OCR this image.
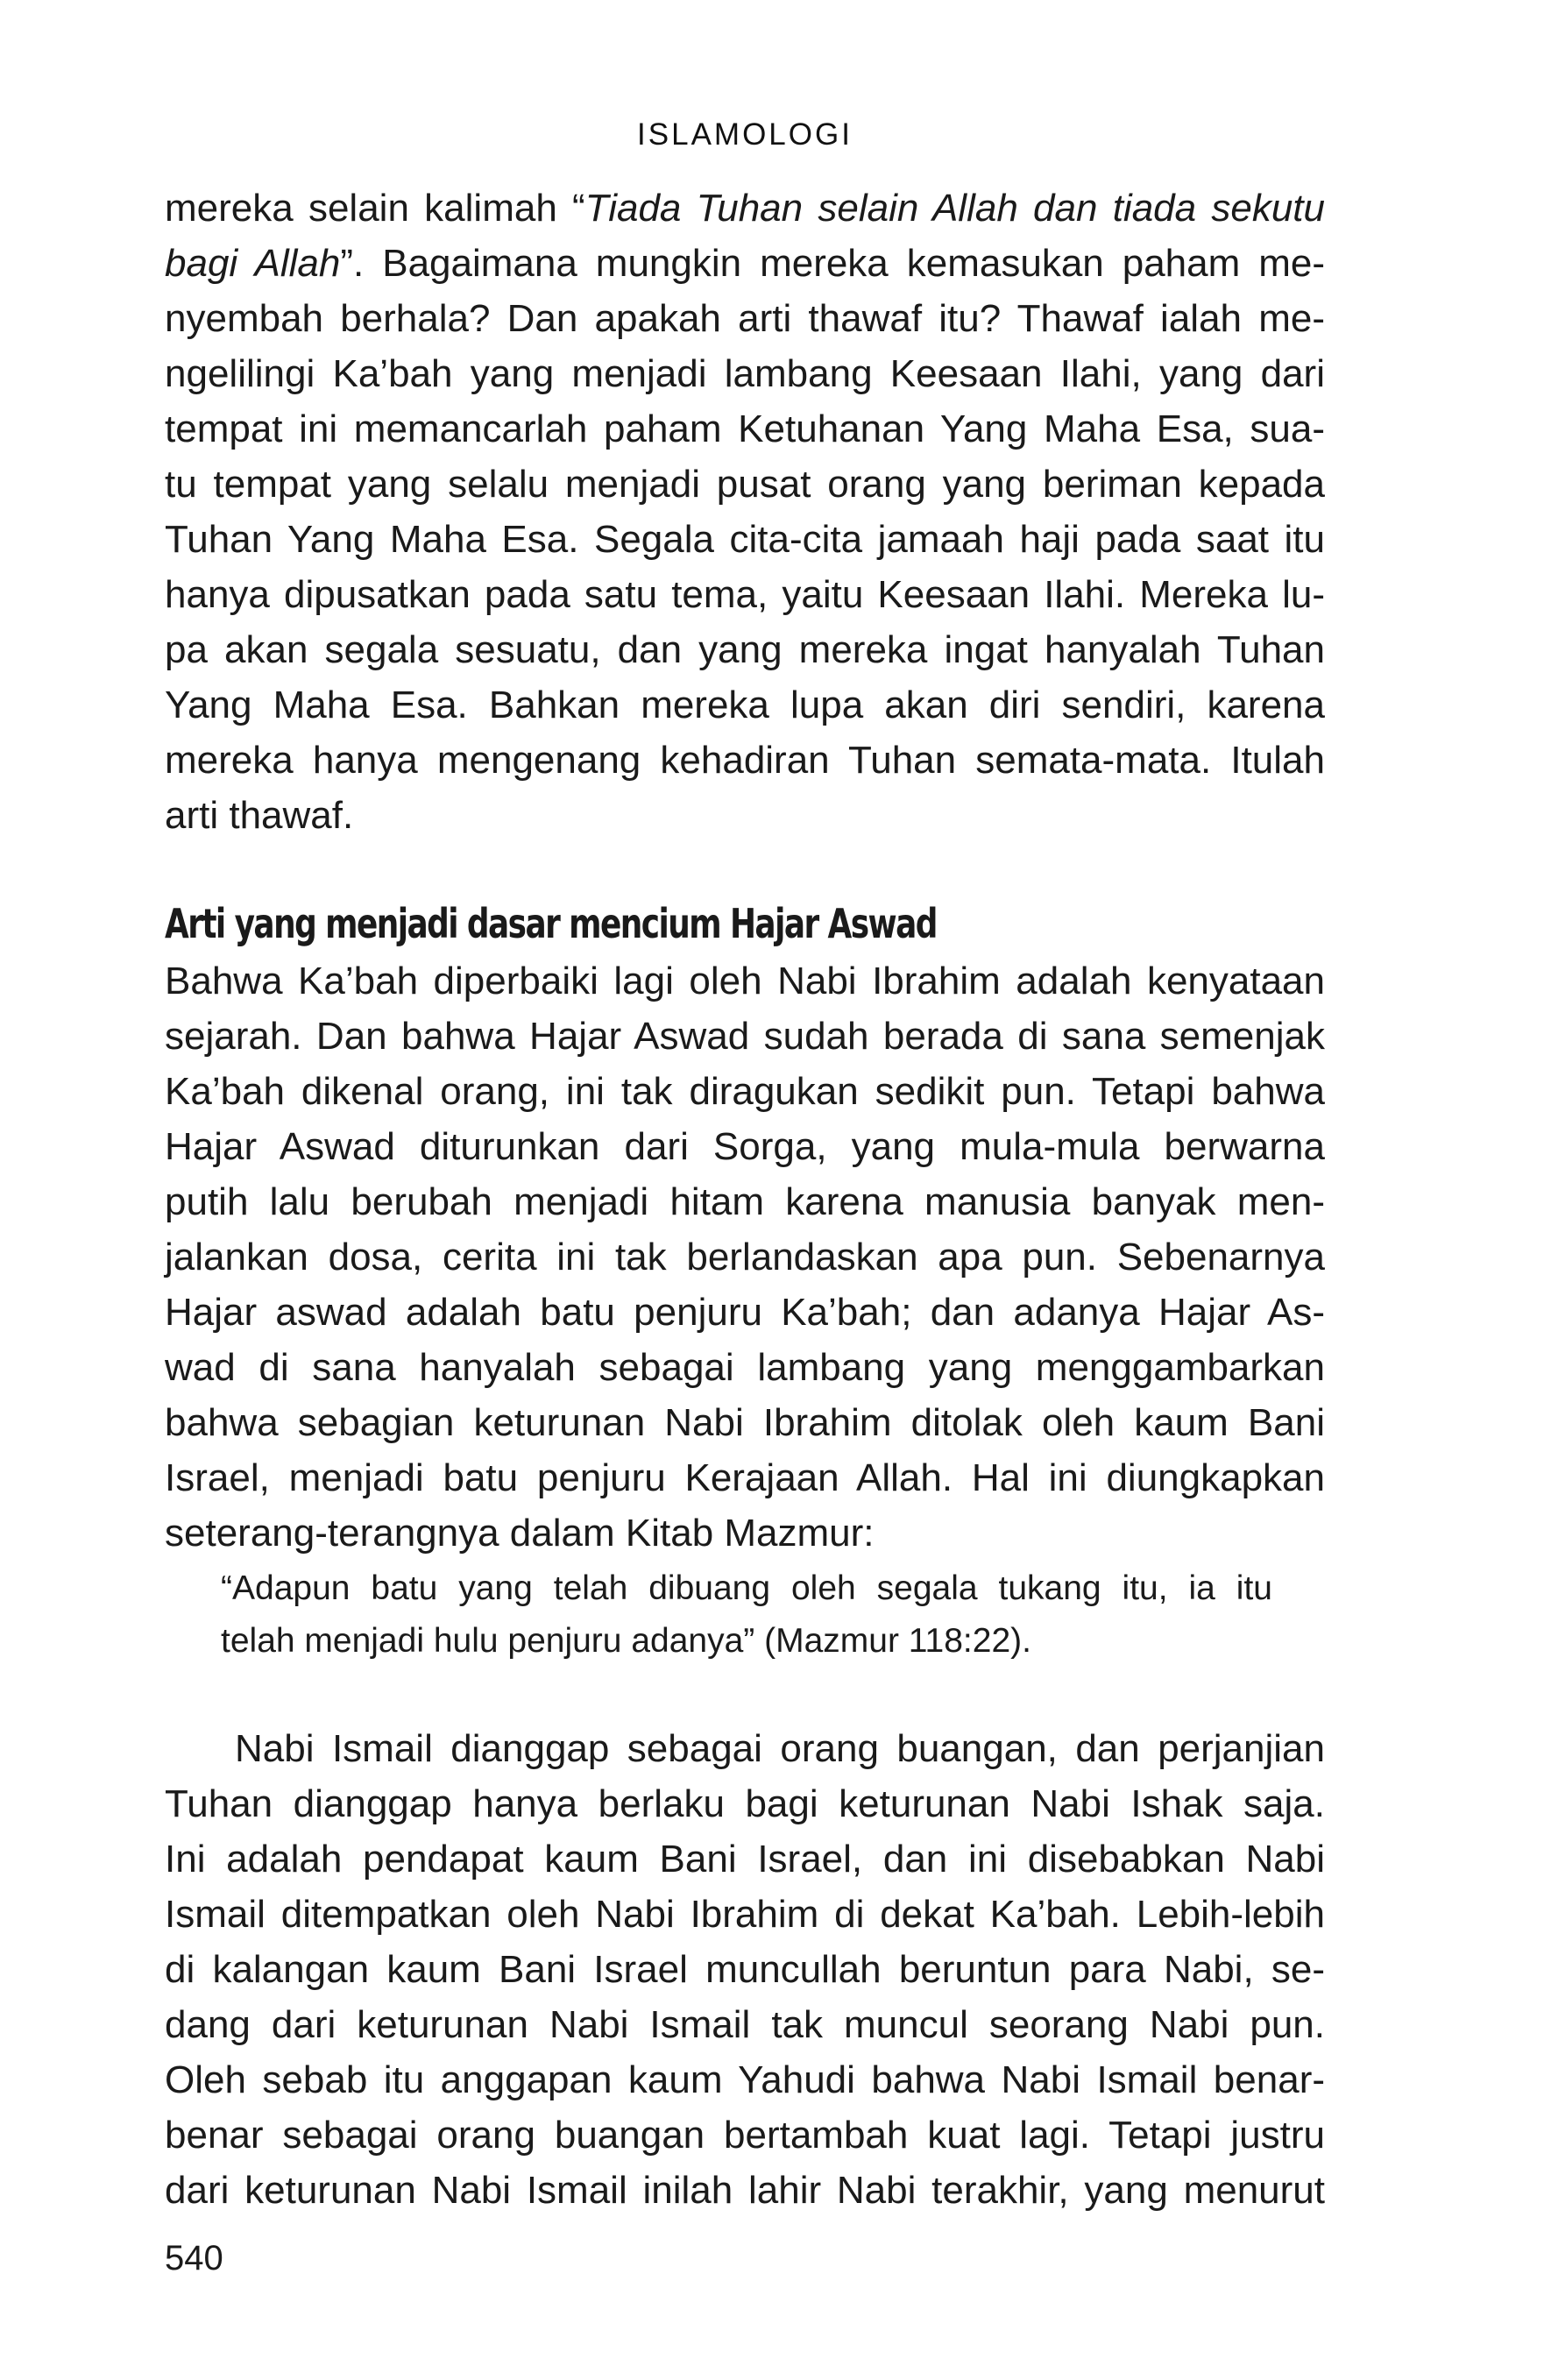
ISLAMOLOGI
mereka selain kalimah “Tiada Tuhan selain Allah dan tiada sekutu
bagi Allah”. Bagaimana mungkin mereka kemasukan paham me-
nyembah berhala? Dan apakah arti thawaf itu? Thawaf ialah me-
ngelilingi Ka’bah yang menjadi lambang Keesaan Ilahi, yang dari
tempat ini memancarlah paham Ketuhanan Yang Maha Esa, sua-
tu tempat yang selalu menjadi pusat orang yang beriman kepada
Tuhan Yang Maha Esa. Segala cita-cita jamaah haji pada saat itu
hanya dipusatkan pada satu tema, yaitu Keesaan Ilahi. Mereka lu-
pa akan segala sesuatu, dan yang mereka ingat hanyalah Tuhan
Yang Maha Esa. Bahkan mereka lupa akan diri sendiri, karena
mereka hanya mengenang kehadiran Tuhan semata-mata. Itulah
arti thawaf.
Arti yang menjadi dasar mencium Hajar Aswad
Bahwa Ka’bah diperbaiki lagi oleh Nabi Ibrahim adalah kenyataan
sejarah. Dan bahwa Hajar Aswad sudah berada di sana semenjak
Ka’bah dikenal orang, ini tak diragukan sedikit pun. Tetapi bahwa
Hajar Aswad diturunkan dari Sorga, yang mula-mula berwarna
putih lalu berubah menjadi hitam karena manusia banyak men-
jalankan dosa, cerita ini tak berlandaskan apa pun. Sebenarnya
Hajar aswad adalah batu penjuru Ka’bah; dan adanya Hajar As-
wad di sana hanyalah sebagai lambang yang menggambarkan
bahwa sebagian keturunan Nabi Ibrahim ditolak oleh kaum Bani
Israel, menjadi batu penjuru Kerajaan Allah. Hal ini diungkapkan
seterang-terangnya dalam Kitab Mazmur:
“Adapun batu yang telah dibuang oleh segala tukang itu, ia itu
telah menjadi hulu penjuru adanya” (Mazmur 118:22).
Nabi Ismail dianggap sebagai orang buangan, dan perjanjian
Tuhan dianggap hanya berlaku bagi keturunan Nabi Ishak saja.
Ini adalah pendapat kaum Bani Israel, dan ini disebabkan Nabi
Ismail ditempatkan oleh Nabi Ibrahim di dekat Ka’bah. Lebih-lebih
di kalangan kaum Bani Israel muncullah beruntun para Nabi, se-
dang dari keturunan Nabi Ismail tak muncul seorang Nabi pun.
Oleh sebab itu anggapan kaum Yahudi bahwa Nabi Ismail benar-
benar sebagai orang buangan bertambah kuat lagi. Tetapi justru
dari keturunan Nabi Ismail inilah lahir Nabi terakhir, yang menurut
540
